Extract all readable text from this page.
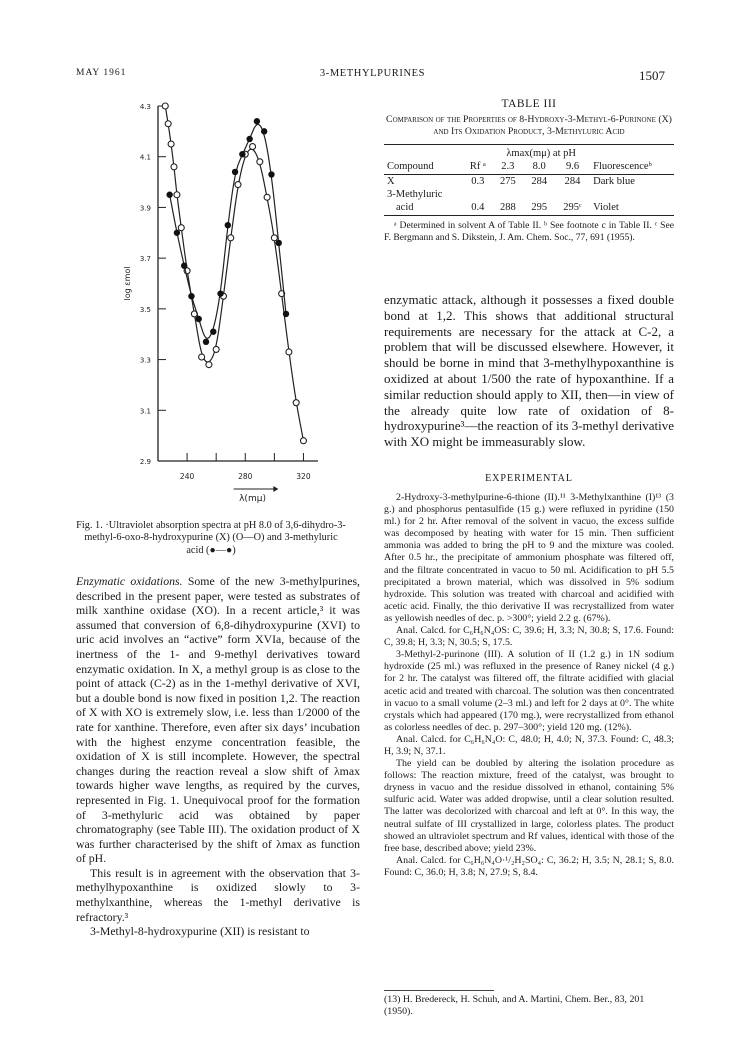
MAY 1961	3-METHYLPURINES	1507
2.9
3.1
3.3
3.5
3.7
3.9
4.1
4.3
240	280	320
λ(mμ)
log εmol
Fig. 1. ·Ultraviolet absorption spectra at pH 8.0 of 3,6-dihydro-3-methyl-6-oxo-8-hydroxypurine (X) (O—O) and 3-methyluric acid (●—●)

Enzymatic oxidations. Some of the new 3-methylpurines, described in the present paper, were tested as substrates of milk xanthine oxidase (XO). In a recent article,³ it was assumed that conversion of 6,8-dihydroxypurine (XVI) to uric acid involves an “active” form XVIa, because of the inertness of the 1- and 9-methyl derivatives toward enzymatic oxidation. In X, a methyl group is as close to the point of attack (C-2) as in the 1-methyl derivative of XVI, but a double bond is now fixed in position 1,2. The reaction of X with XO is extremely slow, i.e. less than 1/2000 of the rate for xanthine. Therefore, even after six days’ incubation with the highest enzyme concentration feasible, the oxidation of X is still incomplete. However, the spectral changes during the reaction reveal a slow shift of λmax towards higher wave lengths, as required by the curves, represented in Fig. 1. Unequivocal proof for the formation of 3-methyluric acid was obtained by paper chromatography (see Table III). The oxidation product of X was further characterised by the shift of λmax as function of pH.

This result is in agreement with the observation that 3-methylhypoxanthine is oxidized slowly to 3-methylxanthine, whereas the 1-methyl derivative is refractory.³

3-Methyl-8-hydroxypurine (XII) is resistant to

TABLE III
Comparison of the Properties of 8-Hydroxy-3-Methyl-6-Purinone (X) and Its Oxidation Product, 3-Methyluric Acid
		λmax(mμ) at pH			
Compound	Rf ᵃ	2.3	8.0	9.6	Fluorescenceᵇ
X	0.3	275	284	284	Dark blue
3-Methyluric					
acid	0.4	288	295	295ᶜ	Violet
ᵃ Determined in solvent A of Table II. ᵇ See footnote c in Table II. ᶜ See F. Bergmann and S. Dikstein, J. Am. Chem. Soc., 77, 691 (1955).
enzymatic attack, although it possesses a fixed double bond at 1,2. This shows that additional structural requirements are necessary for the attack at C-2, a problem that will be discussed elsewhere. However, it should be borne in mind that 3-methylhypoxanthine is oxidized at about 1/500 the rate of hypoxanthine. If a similar reduction should apply to XII, then—in view of the already quite low rate of oxidation of 8-hydroxypurine³—the reaction of its 3-methyl derivative with XO might be immeasurably slow.
EXPERIMENTAL

2-Hydroxy-3-methylpurine-6-thione (II).¹¹ 3-Methylxanthine (I)¹³ (3 g.) and phosphorus pentasulfide (15 g.) were refluxed in pyridine (150 ml.) for 2 hr. After removal of the solvent in vacuo, the excess sulfide was decomposed by heating with water for 15 min. Then sufficient ammonia was added to bring the pH to 9 and the mixture was cooled. After 0.5 hr., the precipitate of ammonium phosphate was filtered off, and the filtrate concentrated in vacuo to 50 ml. Acidification to pH 5.5 precipitated a brown material, which was dissolved in 5% sodium hydroxide. This solution was treated with charcoal and acidified with acetic acid. Finally, the thio derivative II was recrystallized from water as yellowish needles of dec. p. >300°; yield 2.2 g. (67%).

Anal. Calcd. for C₆H₆N₄OS: C, 39.6; H, 3.3; N, 30.8; S, 17.6. Found: C, 39.8; H, 3.3; N, 30.5; S, 17.5.

3-Methyl-2-purinone (III). A solution of II (1.2 g.) in 1N sodium hydroxide (25 ml.) was refluxed in the presence of Raney nickel (4 g.) for 2 hr. The catalyst was filtered off, the filtrate acidified with glacial acetic acid and treated with charcoal. The solution was then concentrated in vacuo to a small volume (2–3 ml.) and left for 2 days at 0°. The white crystals which had appeared (170 mg.), were recrystallized from ethanol as colorless needles of dec. p. 297–300°; yield 120 mg. (12%).

Anal. Calcd. for C₆H₆N₄O: C, 48.0; H, 4.0; N, 37.3. Found: C, 48.3; H, 3.9; N, 37.1.

The yield can be doubled by altering the isolation procedure as follows: The reaction mixture, freed of the catalyst, was brought to dryness in vacuo and the residue dissolved in ethanol, containing 5% sulfuric acid. Water was added dropwise, until a clear solution resulted. The latter was decolorized with charcoal and left at 0°. In this way, the neutral sulfate of III crystallized in large, colorless plates. The product showed an ultraviolet spectrum and Rf values, identical with those of the free base, described above; yield 23%.

Anal. Calcd. for C₆H₆N₄O·¹/₂H₂SO₄: C, 36.2; H, 3.5; N, 28.1; S, 8.0. Found: C, 36.0; H, 3.8; N, 27.9; S, 8.4.

(13) H. Bredereck, H. Schuh, and A. Martini, Chem. Ber., 83, 201 (1950).
